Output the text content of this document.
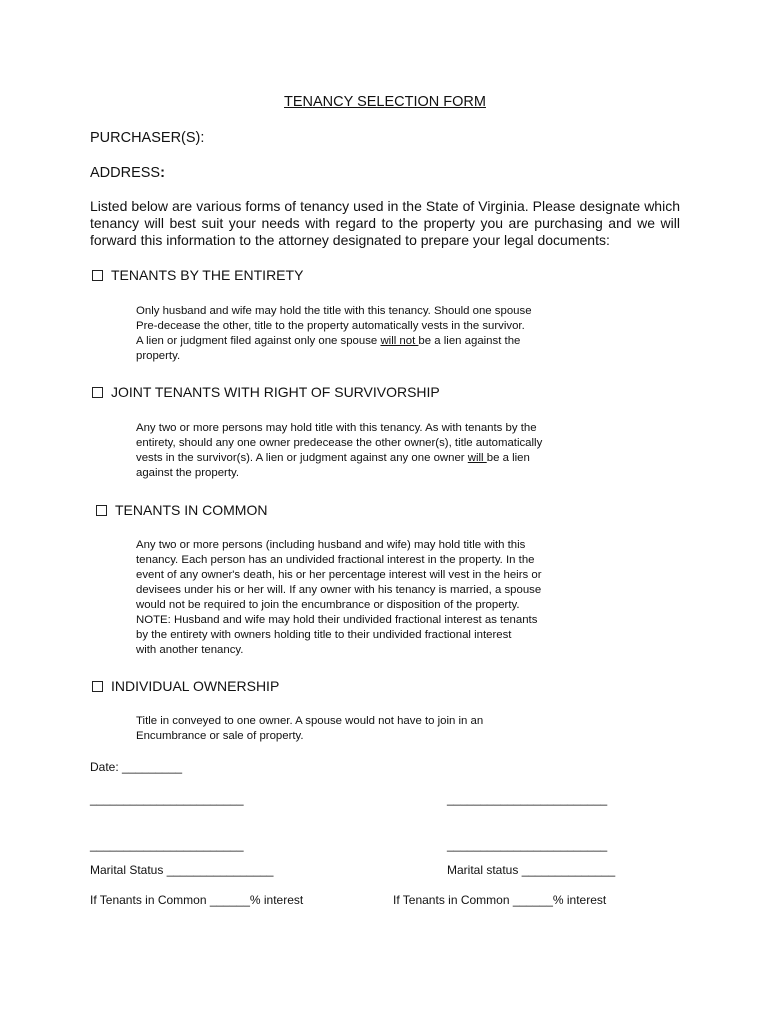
TENANCY SELECTION FORM
PURCHASER(S):
ADDRESS:
Listed below are various forms of tenancy used in the State of Virginia. Please designate which
tenancy will best suit your needs with regard to the property you are purchasing and we will
forward this information to the attorney designated to prepare your legal documents:
TENANTS BY THE ENTIRETY
Only husband and wife may hold the title with this tenancy. Should one spouse
Pre-decease the other, title to the property automatically vests in the survivor.
A lien or judgment filed against only one spouse will not be a lien against the
property.
JOINT TENANTS WITH RIGHT OF SURVIVORSHIP
Any two or more persons may hold title with this tenancy. As with tenants by the
entirety, should any one owner predecease the other owner(s), title automatically
vests in the survivor(s). A lien or judgment against any one owner will be a lien
against the property.
TENANTS IN COMMON
Any two or more persons (including husband and wife) may hold title with this
tenancy. Each person has an undivided fractional interest in the property. In the
event of any owner's death, his or her percentage interest will vest in the heirs or
devisees under his or her will. If any owner with his tenancy is married, a spouse
would not be required to join the encumbrance or disposition of the property.
NOTE: Husband and wife may hold their undivided fractional interest as tenants
by the entirety with owners holding title to their undivided fractional interest
with another tenancy.
INDIVIDUAL OWNERSHIP
Title in conveyed to one owner. A spouse would not have to join in an
Encumbrance or sale of property.
Date: _________
_______________________	________________________
_______________________	________________________
Marital Status ________________	Marital status ______________
If Tenants in Common ______% interest	If Tenants in Common ______% interest
